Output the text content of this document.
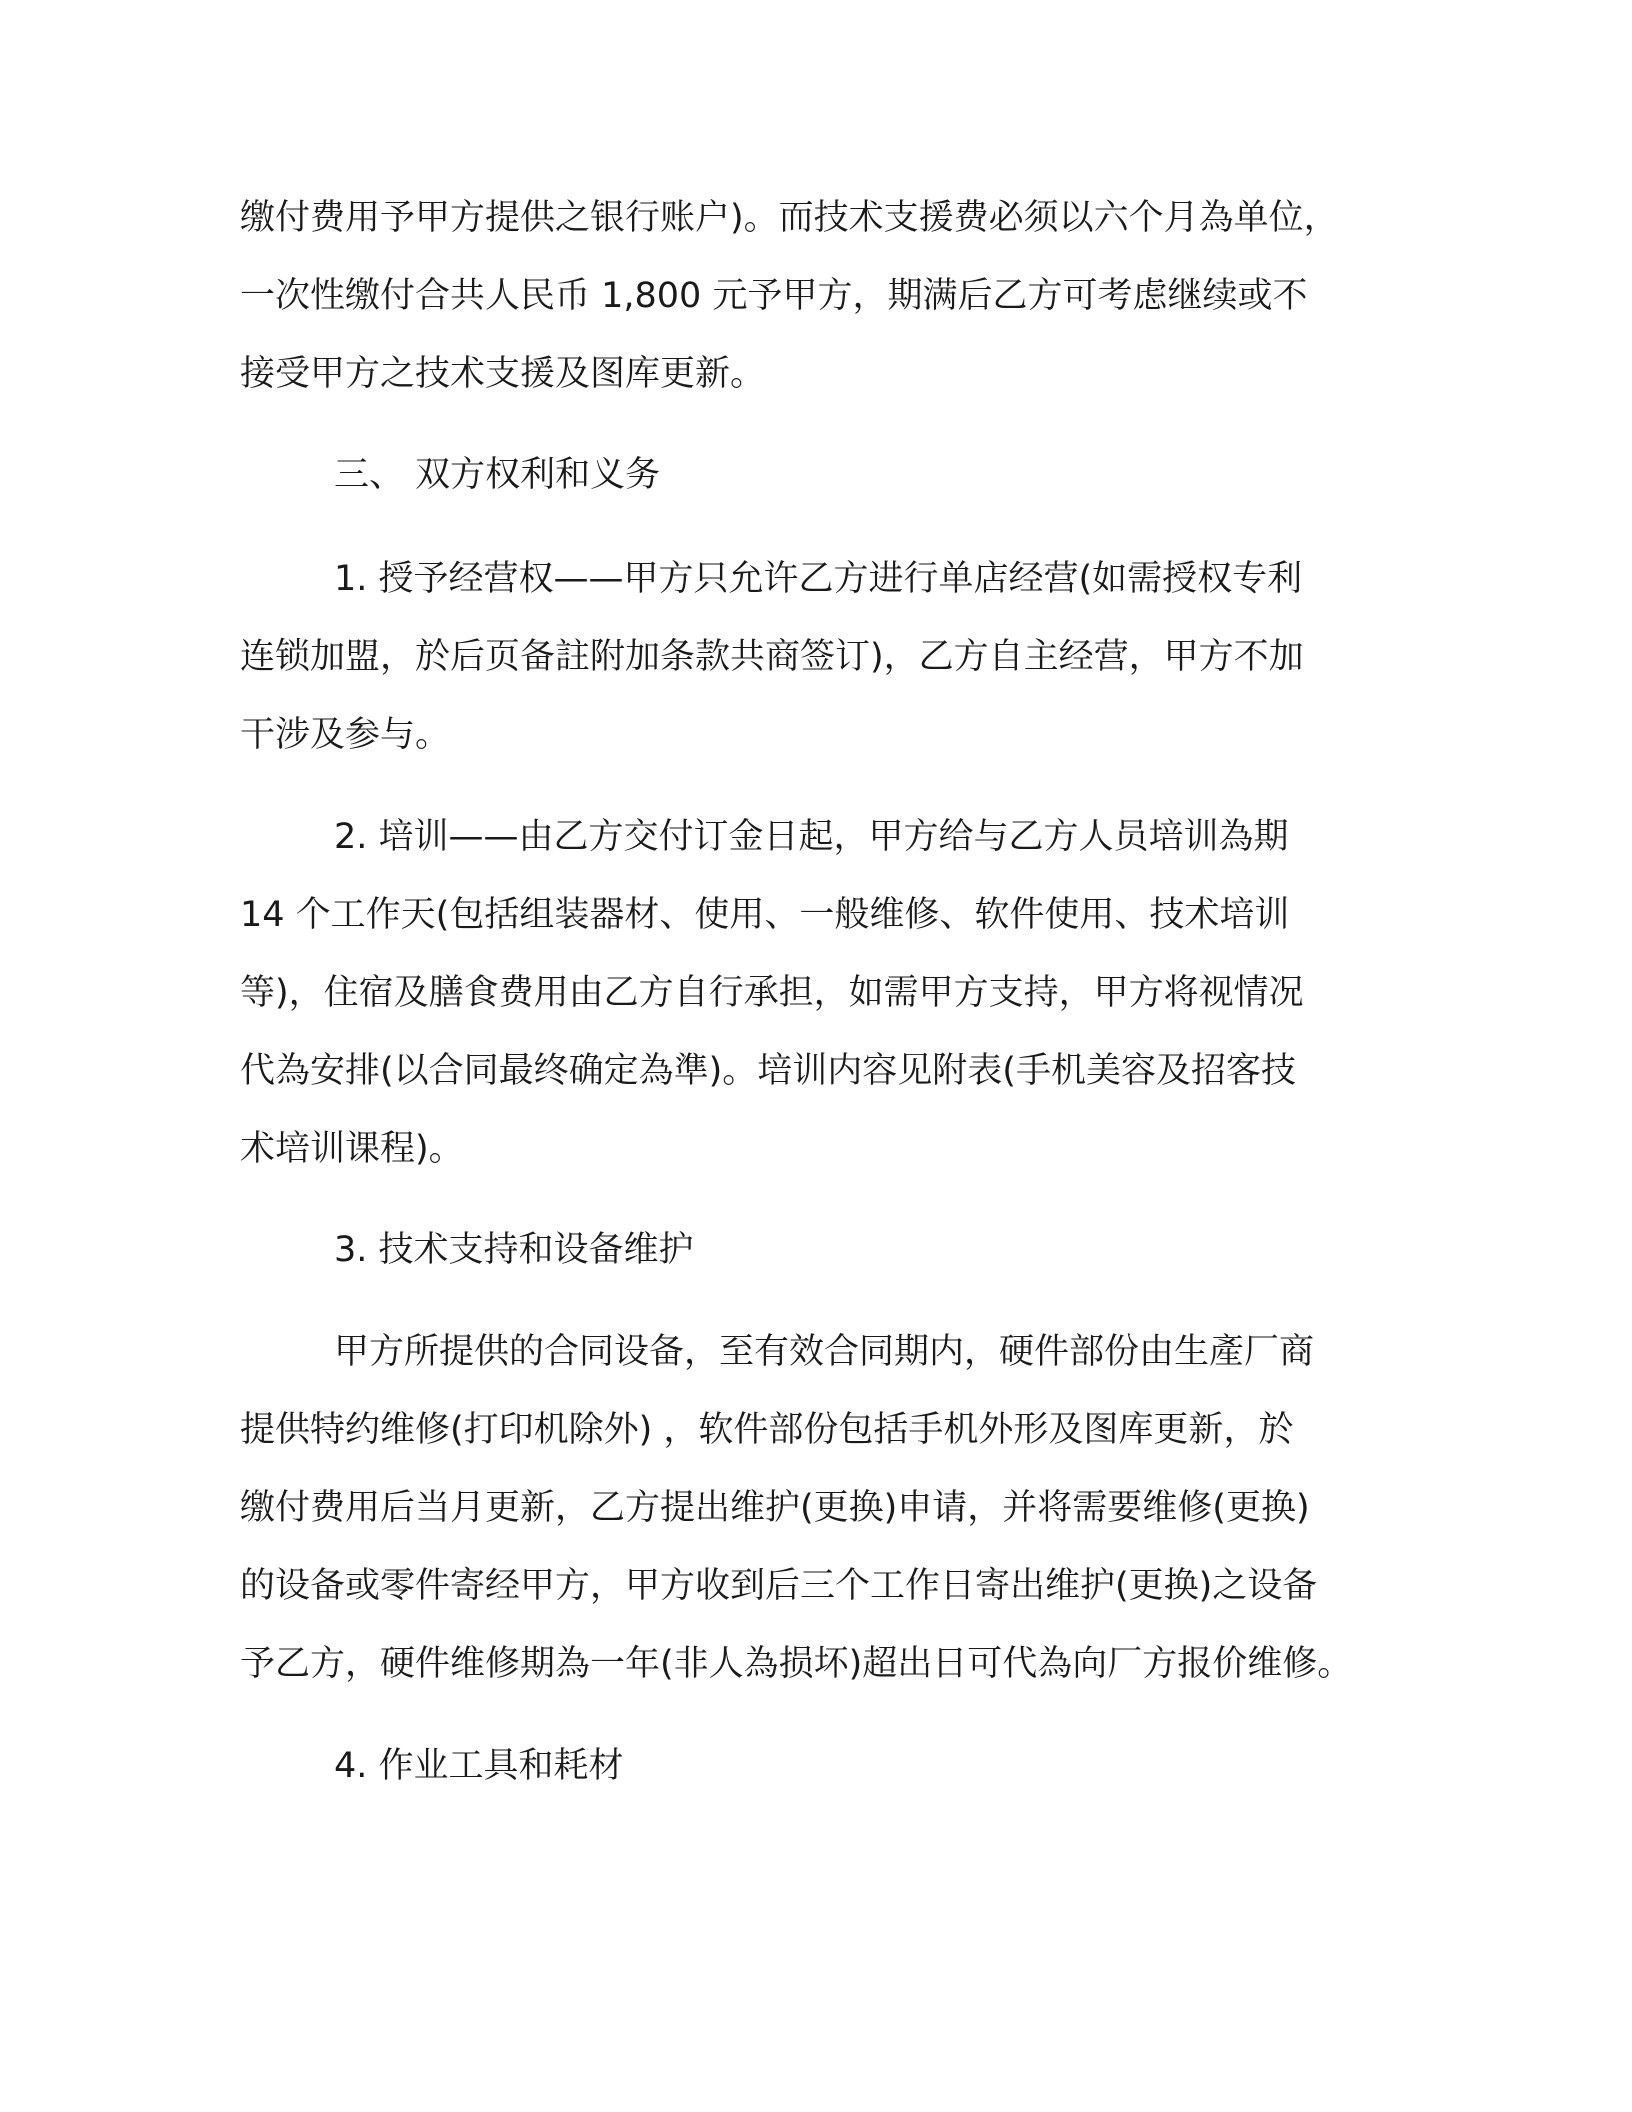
缴付费用予甲方提供之银行账户)。而技术支援费必须以六个月為单位，
一次性缴付合共人民币 1,800 元予甲方，期满后乙方可考虑继续或不
接受甲方之技术支援及图库更新。
三、 双方权利和义务
1. 授予经营权——甲方只允许乙方进行单店经营(如需授权专利
连锁加盟，於后页备註附加条款共商签订)，乙方自主经营，甲方不加
干涉及参与。
2. 培训——由乙方交付订金日起，甲方给与乙方人员培训為期
14 个工作天(包括组装器材、使用、一般维修、软件使用、技术培训
等)，住宿及膳食费用由乙方自行承担，如需甲方支持，甲方将视情况
代為安排(以合同最终确定為準)。培训内容见附表(手机美容及招客技
术培训课程)。
3. 技术支持和设备维护
甲方所提供的合同设备，至有效合同期内，硬件部份由生產厂商
提供特约维修(打印机除外) ，软件部份包括手机外形及图库更新，於
缴付费用后当月更新，乙方提出维护(更换)申请，并将需要维修(更换)
的设备或零件寄经甲方，甲方收到后三个工作日寄出维护(更换)之设备
予乙方，硬件维修期為一年(非人為损坏)超出日可代為向厂方报价维修。
4. 作业工具和耗材
